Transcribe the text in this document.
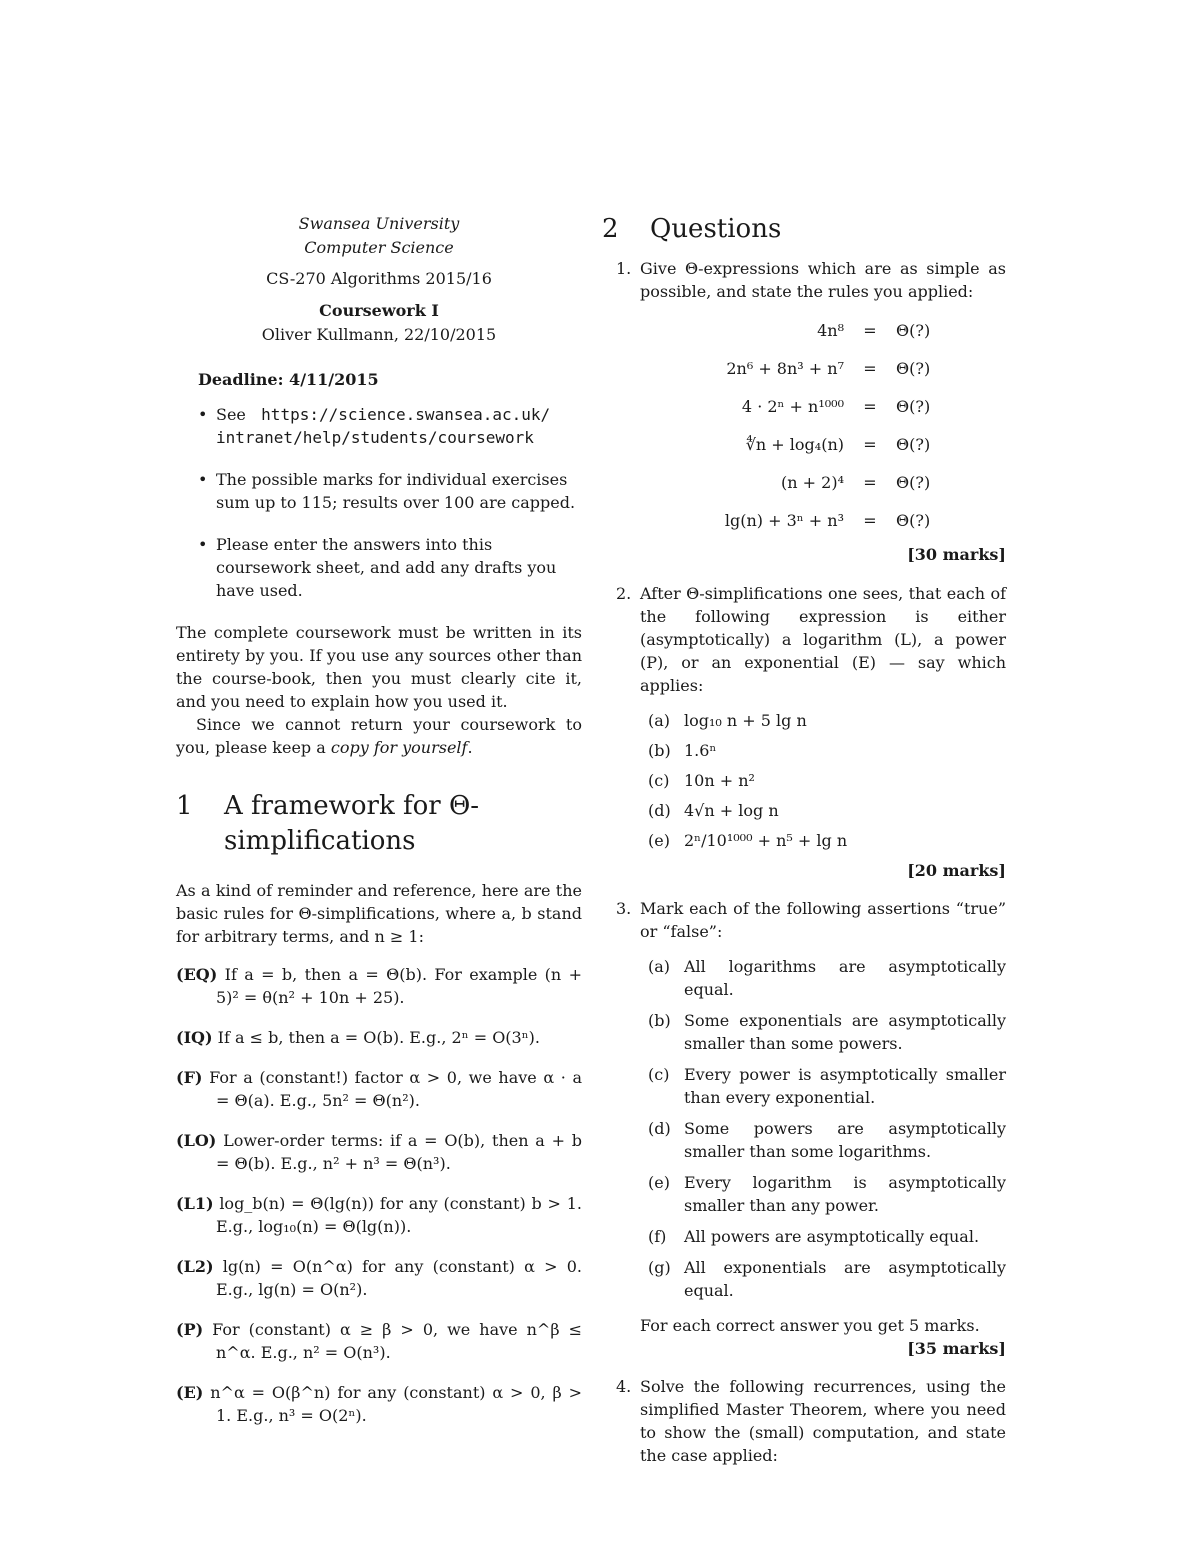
Swansea University
Computer Science
CS-270 Algorithms 2015/16
Coursework I
Oliver Kullmann, 22/10/2015
Deadline: 4/11/2015
• See https://science.swansea.ac.uk/
intranet/help/students/coursework
• The possible marks for individual exercises sum up to 115; results over 100 are capped.
• Please enter the answers into this coursework sheet, and add any drafts you have used.

The complete coursework must be written in its entirety by you. If you use any sources other than the course-book, then you must clearly cite it, and you need to explain how you used it.

Since we cannot return your coursework to you, please keep a copy for yourself.

1 A framework for Θ-simplifications

As a kind of reminder and reference, here are the basic rules for Θ-simplifications, where a, b stand for arbitrary terms, and n ≥ 1:

(EQ) If a = b, then a = Θ(b). For example (n + 5)² = θ(n² + 10n + 25).
(IQ) If a ≤ b, then a = O(b). E.g., 2ⁿ = O(3ⁿ).
(F) For a (constant!) factor α > 0, we have α · a = Θ(a). E.g., 5n² = Θ(n²).
(LO) Lower-order terms: if a = O(b), then a + b = Θ(b). E.g., n² + n³ = Θ(n³).
(L1) log_b(n) = Θ(lg(n)) for any (constant) b > 1. E.g., log₁₀(n) = Θ(lg(n)).
(L2) lg(n) = O(n^α) for any (constant) α > 0. E.g., lg(n) = O(n²).
(P) For (constant) α ≥ β > 0, we have n^β ≤ n^α. E.g., n² = O(n³).
(E) n^α = O(β^n) for any (constant) α > 0, β > 1. E.g., n³ = O(2ⁿ).
2 Questions
1. Give Θ-expressions which are as simple as possible, and state the rules you applied:

4n⁸	=	Θ(?)
2n⁶ + 8n³ + n⁷	=	Θ(?)
4 · 2ⁿ + n¹⁰⁰⁰	=	Θ(?)
∜n + log₄(n)	=	Θ(?)
(n + 2)⁴	=	Θ(?)
lg(n) + 3ⁿ + n³	=	Θ(?)
[30 marks]
2. After Θ-simplifications one sees, that each of the following expression is either (asymptotically) a logarithm (L), a power (P), or an exponential (E) — say which applies:

(a) log₁₀ n + 5 lg n
(b) 1.6ⁿ
(c) 10n + n²
(d) 4√n + log n
(e) 2ⁿ/10¹⁰⁰⁰ + n⁵ + lg n
[20 marks]
3. Mark each of the following assertions “true” or “false”:

(a) All logarithms are asymptotically equal.
(b) Some exponentials are asymptotically smaller than some powers.
(c) Every power is asymptotically smaller than every exponential.
(d) Some powers are asymptotically smaller than some logarithms.
(e) Every logarithm is asymptotically smaller than any power.
(f) All powers are asymptotically equal.
(g) All exponentials are asymptotically equal.

For each correct answer you get 5 marks.

[35 marks]
4. Solve the following recurrences, using the simplified Master Theorem, where you need to show the (small) computation, and state the case applied:
